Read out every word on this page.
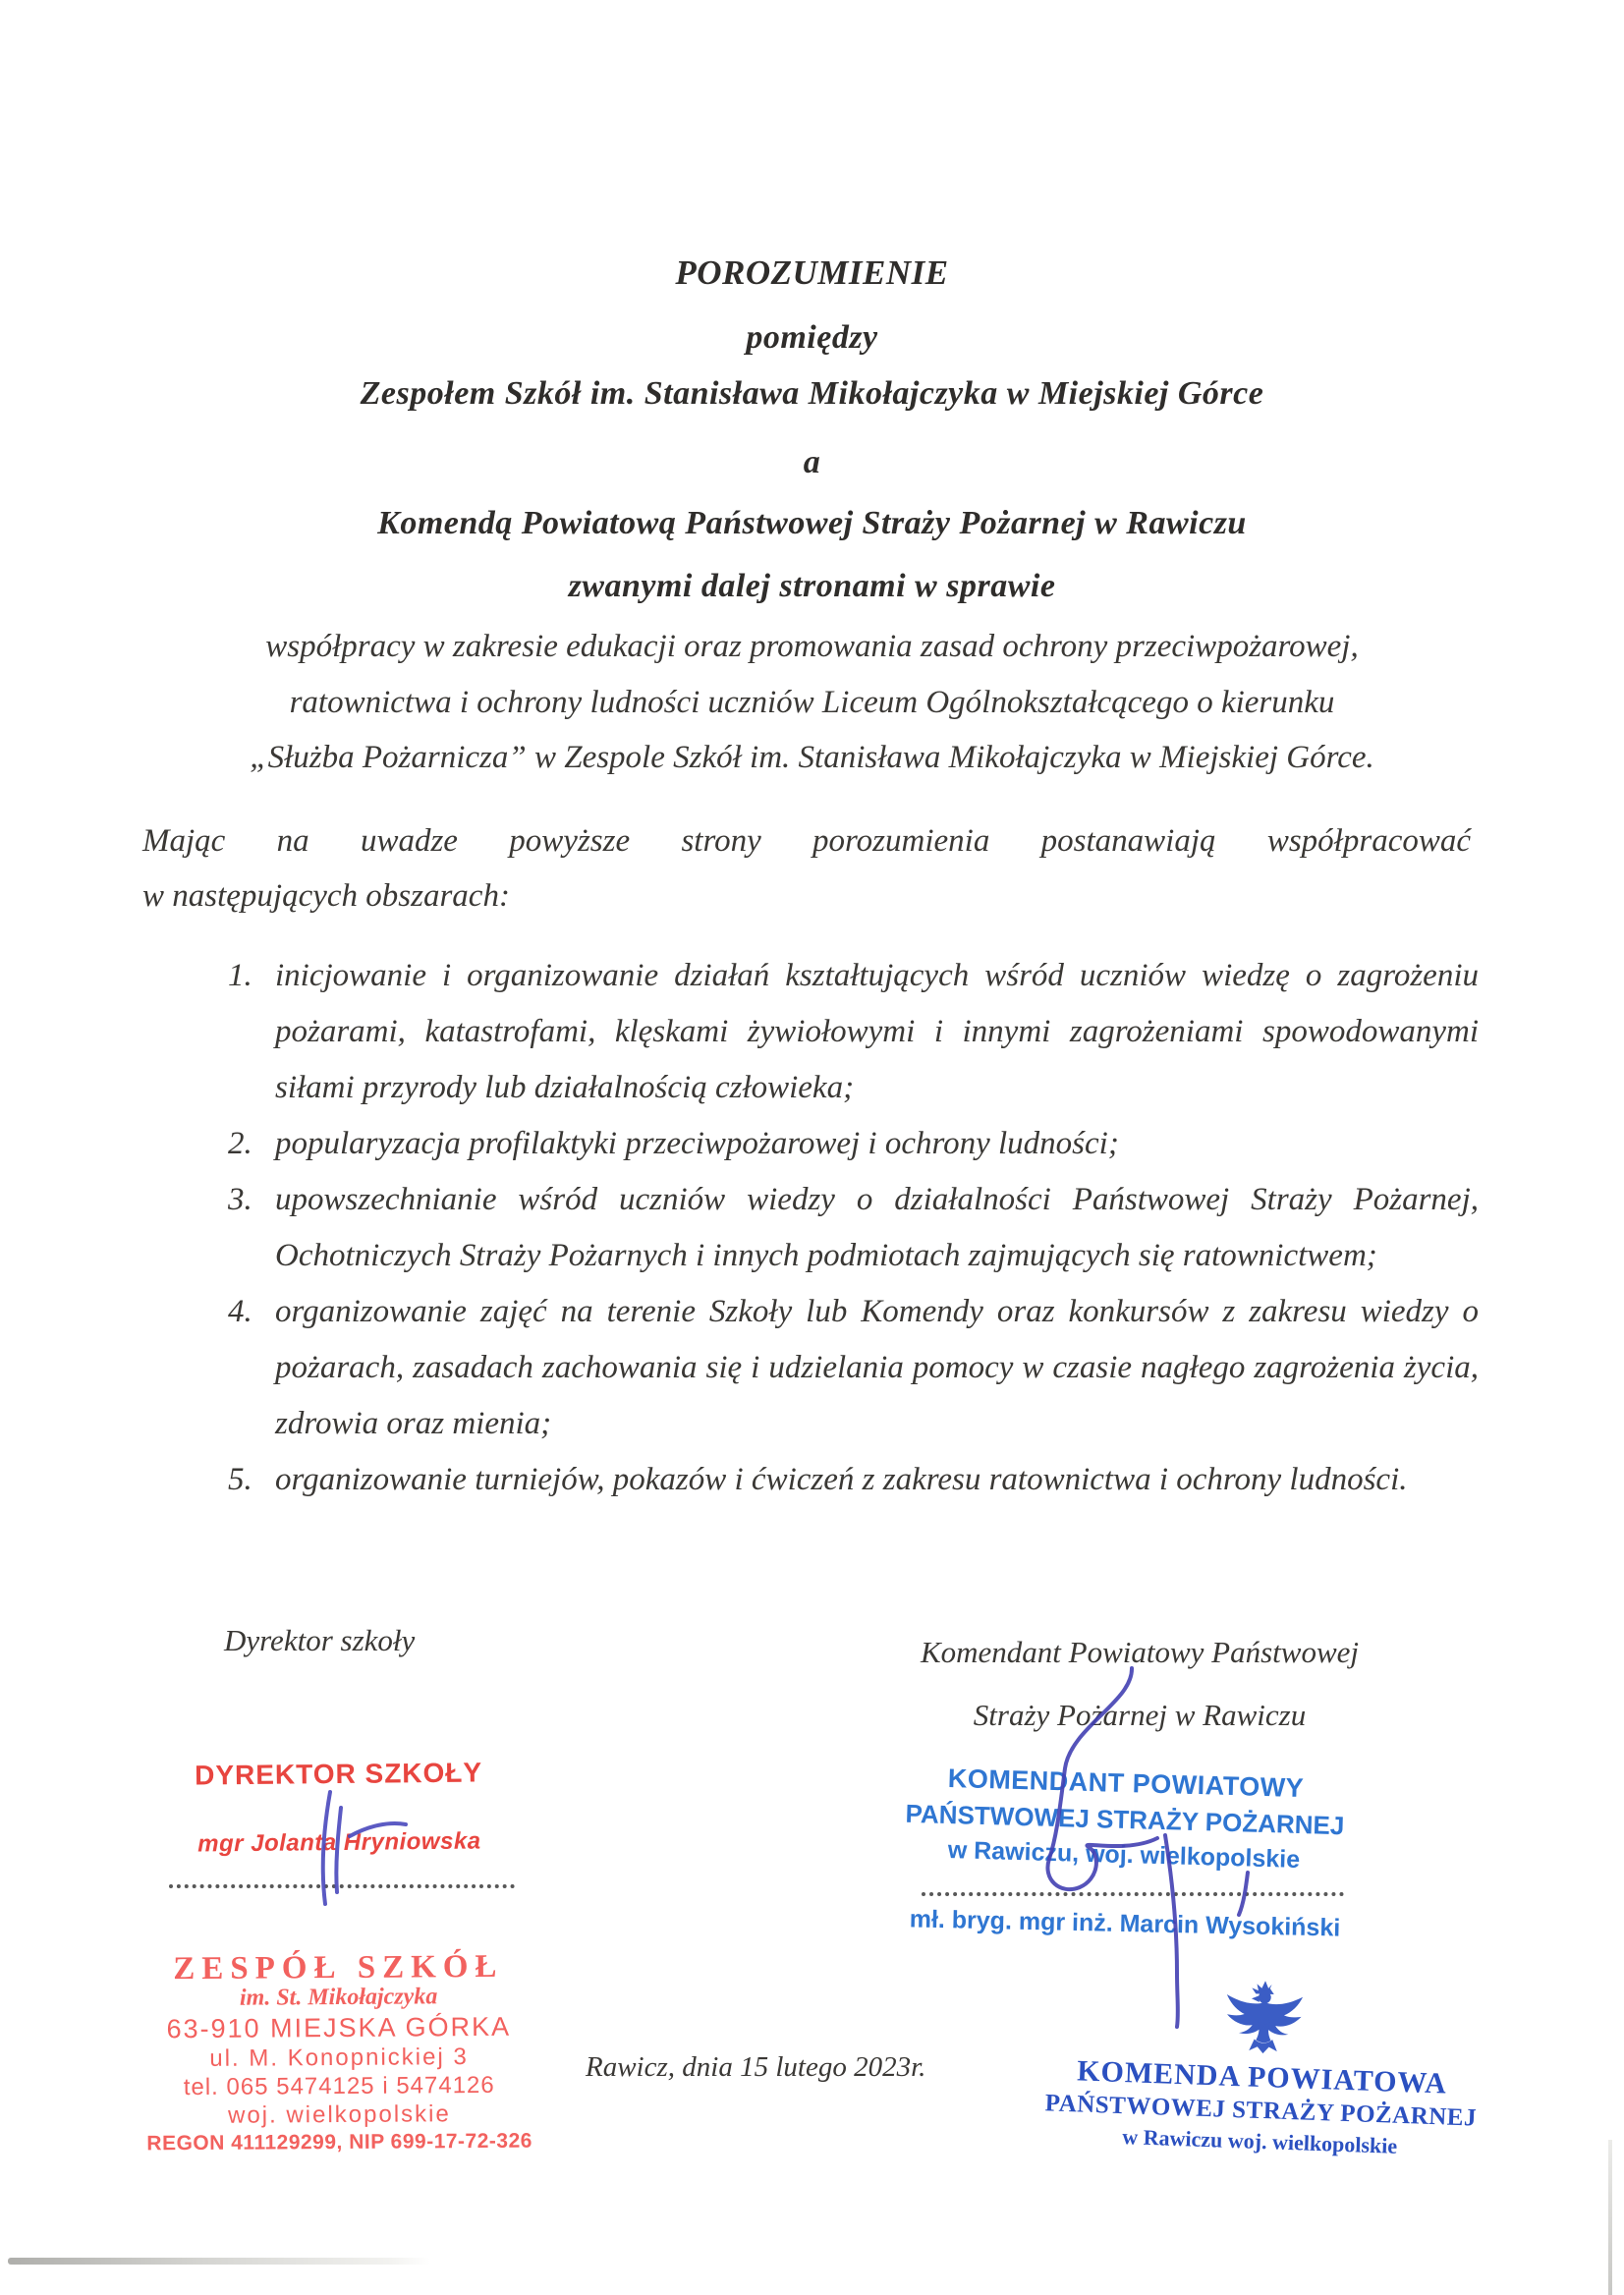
POROZUMIENIE
pomiędzy
Zespołem Szkół im. Stanisława Mikołajczyka w Miejskiej Górce
a
Komendą Powiatową Państwowej Straży Pożarnej w Rawiczu
zwanymi dalej stronami w sprawie
współpracy w zakresie edukacji oraz promowania zasad ochrony przeciwpożarowej,
ratownictwa i ochrony ludności uczniów Liceum Ogólnokształcącego o kierunku
„Służba Pożarnicza” w Zespole Szkół im. Stanisława Mikołajczyka w Miejskiej Górce.
Mając na uwadze powyższe strony porozumienia postanawiają współpracować
w następujących obszarach:
1. inicjowanie i organizowanie działań kształtujących wśród uczniów wiedzę o zagrożeniu pożarami, katastrofami, klęskami żywiołowymi i innymi zagrożeniami spowodowanymi siłami przyrody lub działalnością człowieka;
2. popularyzacja profilaktyki przeciwpożarowej i ochrony ludności;
3. upowszechnianie wśród uczniów wiedzy o działalności Państwowej Straży Pożarnej, Ochotniczych Straży Pożarnych i innych podmiotach zajmujących się ratownictwem;
4. organizowanie zajęć na terenie Szkoły lub Komendy oraz konkursów z zakresu wiedzy o pożarach, zasadach zachowania się i udzielania pomocy w czasie nagłego zagrożenia życia, zdrowia oraz mienia;
5. organizowanie turniejów, pokazów i ćwiczeń z zakresu ratownictwa i ochrony ludności.
Dyrektor szkoły	Komendant Powiatowy Państwowej
Straży Pożarnej w Rawiczu
DYREKTOR SZKOŁY
mgr Jolanta Hryniowska
KOMENDANT POWIATOWY
PAŃSTWOWEJ STRAŻY POŻARNEJ
w Rawiczu, woj. wielkopolskie
mł. bryg. mgr inż. Marcin Wysokiński
ZESPÓŁ SZKÓŁ
im. St. Mikołajczyka
63-910 MIEJSKA GÓRKA
ul. M. Konopnickiej 3
tel. 065 5474125 i 5474126
woj. wielkopolskie
REGON 411129299, NIP 699-17-72-326
Rawicz, dnia 15 lutego 2023r.	KOMENDA POWIATOWA
PAŃSTWOWEJ STRAŻY POŻARNEJ
w Rawiczu woj. wielkopolskie
